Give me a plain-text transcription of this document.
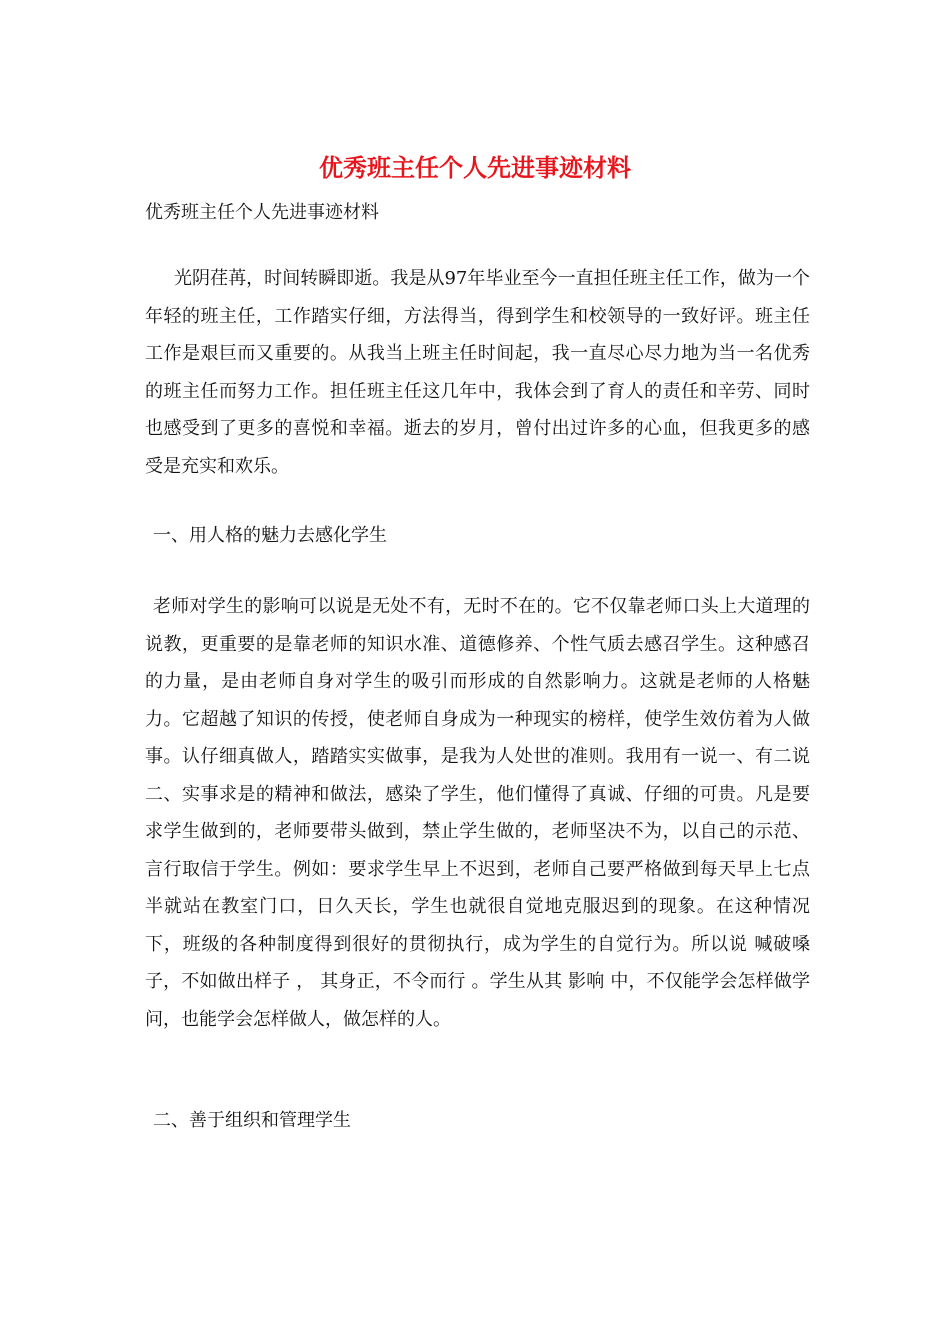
优秀班主任个人先进事迹材料
优秀班主任个人先进事迹材料

光阴荏苒，时间转瞬即逝。我是从97年毕业至今一直担任班主任工作，做为一个年轻的班主任，工作踏实仔细，方法得当，得到学生和校领导的一致好评。班主任工作是艰巨而又重要的。从我当上班主任时间起，我一直尽心尽力地为当一名优秀的班主任而努力工作。担任班主任这几年中，我体会到了育人的责任和辛劳、同时也感受到了更多的喜悦和幸福。逝去的岁月，曾付出过许多的心血，但我更多的感受是充实和欢乐。

一、用人格的魅力去感化学生

老师对学生的影响可以说是无处不有，无时不在的。它不仅靠老师口头上大道理的说教，更重要的是靠老师的知识水准、道德修养、个性气质去感召学生。这种感召的力量，是由老师自身对学生的吸引而形成的自然影响力。这就是老师的人格魅力。它超越了知识的传授，使老师自身成为一种现实的榜样，使学生效仿着为人做事。认仔细真做人，踏踏实实做事，是我为人处世的准则。我用有一说一、有二说二、实事求是的精神和做法，感染了学生，他们懂得了真诚、仔细的可贵。凡是要求学生做到的，老师要带头做到，禁止学生做的，老师坚决不为，以自己的示范、言行取信于学生。例如：要求学生早上不迟到，老师自己要严格做到每天早上七点半就站在教室门口，日久天长，学生也就很自觉地克服迟到的现象。在这种情况下，班级的各种制度得到很好的贯彻执行，成为学生的自觉行为。所以说 喊破嗓子，不如做出样子 ， 其身正，不令而行 。学生从其 影响 中，不仅能学会怎样做学问，也能学会怎样做人，做怎样的人。

二、善于组织和管理学生
